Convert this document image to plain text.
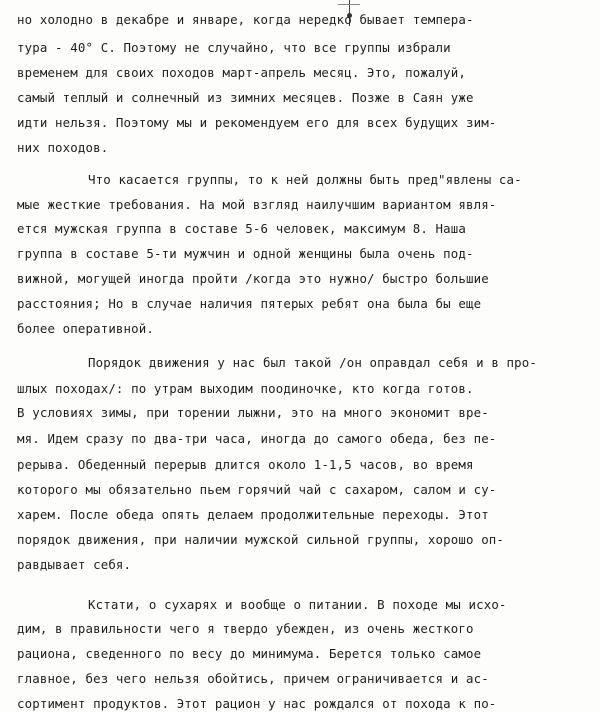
но холодно в декабре и январе, когда нередко бывает темпера-
тура - 40° С. Поэтому не случайно, что все группы избрали
временем для своих походов март-апрель месяц. Это, пожалуй,
самый теплый и солнечный из зимних месяцев. Позже в Саян уже
идти нельзя. Поэтому мы и рекомендуем его для всех будущих зим-
них походов.
Что касается группы, то к ней должны быть пред"явлены са-
мые жесткие требования. На мой взгляд наилучшим вариантом явля-
ется мужская группа в составе 5-6 человек, максимум 8. Наша
группа в составе 5-ти мужчин и одной женщины была очень под-
вижной, могущей иногда пройти /когда это нужно/ быстро большие
расстояния; Но в случае наличия пятерых ребят она была бы еще
более оперативной.
Порядок движения у нас был такой /он оправдал себя и в про-
шлых походах/: по утрам выходим поодиночке, кто когда готов.
В условиях зимы, при торении лыжни, это на много экономит вре-
мя. Идем сразу по два-три часа, иногда до самого обеда, без пе-
рерыва. Обеденный перерыв длится около 1-1,5 часов, во время
которого мы обязательно пьем горячий чай с сахаром, салом и су-
харем. После обеда опять делаем продолжительные переходы. Этот
порядок движения, при наличии мужской сильной группы, хорошо оп-
равдывает себя.
Кстати, о сухарях и вообще о питании. В походе мы исхо-
дим, в правильности чего я твердо убежден, из очень жесткого
рациона, сведенного по весу до минимума. Берется только самое
главное, без чего нельзя обойтись, причем ограничивается и ас-
сортимент продуктов. Этот рацион у нас рождался от похода к по-
